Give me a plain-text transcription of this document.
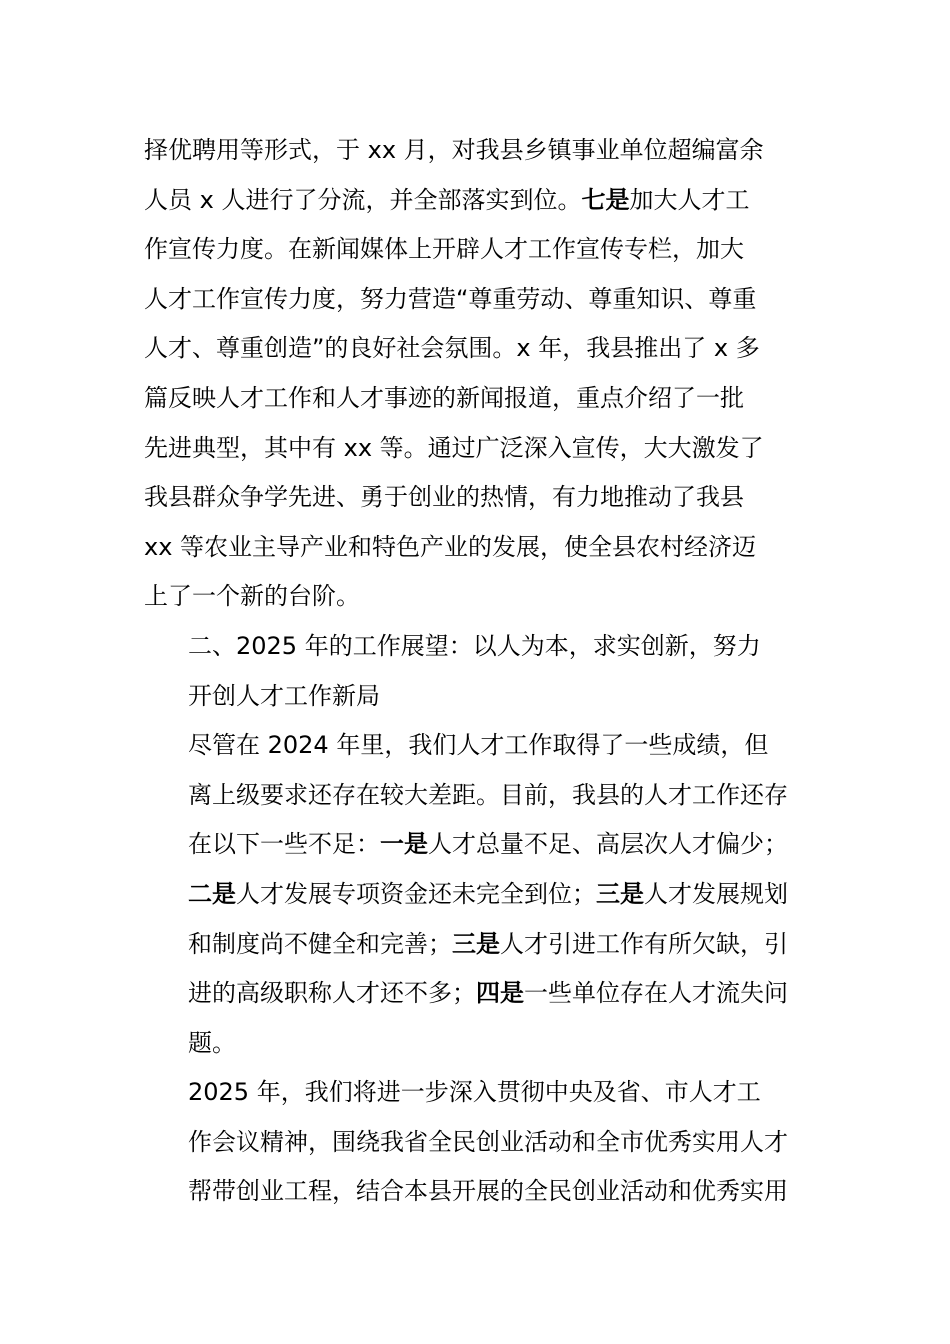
择优聘用等形式，于 xx 月，对我县乡镇事业单位超编富余
人员 x 人进行了分流，并全部落实到位。七是加大人才工
作宣传力度。在新闻媒体上开辟人才工作宣传专栏，加大
人才工作宣传力度，努力营造“尊重劳动、尊重知识、尊重
人才、尊重创造”的良好社会氛围。x 年，我县推出了 x 多
篇反映人才工作和人才事迹的新闻报道，重点介绍了一批
先进典型，其中有 xx 等。通过广泛深入宣传，大大激发了
我县群众争学先进、勇于创业的热情，有力地推动了我县
xx 等农业主导产业和特色产业的发展，使全县农村经济迈
上了一个新的台阶。

二、2025 年的工作展望：以人为本，求实创新，努力
开创人才工作新局

尽管在 2024 年里，我们人才工作取得了一些成绩，但
离上级要求还存在较大差距。目前，我县的人才工作还存
在以下一些不足：一是人才总量不足、高层次人才偏少；
二是人才发展专项资金还未完全到位；三是人才发展规划
和制度尚不健全和完善；三是人才引进工作有所欠缺，引
进的高级职称人才还不多；四是一些单位存在人才流失问
题。

2025 年，我们将进一步深入贯彻中央及省、市人才工
作会议精神，围绕我省全民创业活动和全市优秀实用人才
帮带创业工程，结合本县开展的全民创业活动和优秀实用
